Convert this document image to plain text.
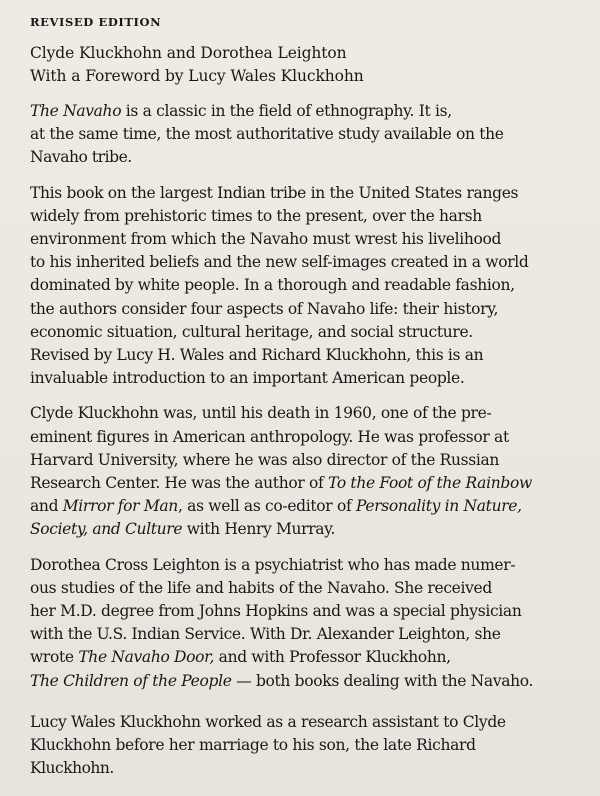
REVISED EDITION
Clyde Kluckhohn and Dorothea Leighton
With a Foreword by Lucy Wales Kluckhohn

The Navaho is a classic in the field of ethnography. It is,
at the same time, the most authoritative study available on the
Navaho tribe.

This book on the largest Indian tribe in the United States ranges
widely from prehistoric times to the present, over the harsh
environment from which the Navaho must wrest his livelihood
to his inherited beliefs and the new self-images created in a world
dominated by white people. In a thorough and readable fashion,
the authors consider four aspects of Navaho life: their history,
economic situation, cultural heritage, and social structure.
Revised by Lucy H. Wales and Richard Kluckhohn, this is an
invaluable introduction to an important American people.

Clyde Kluckhohn was, until his death in 1960, one of the pre-
eminent figures in American anthropology. He was professor at
Harvard University, where he was also director of the Russian
Research Center. He was the author of To the Foot of the Rainbow
and Mirror for Man, as well as co-editor of Personality in Nature,
Society, and Culture with Henry Murray.

Dorothea Cross Leighton is a psychiatrist who has made numer-
ous studies of the life and habits of the Navaho. She received
her M.D. degree from Johns Hopkins and was a special physician
with the U.S. Indian Service. With Dr. Alexander Leighton, she
wrote The Navaho Door, and with Professor Kluckhohn,
The Children of the People — both books dealing with the Navaho.

Lucy Wales Kluckhohn worked as a research assistant to Clyde
Kluckhohn before her marriage to his son, the late Richard
Kluckhohn.
